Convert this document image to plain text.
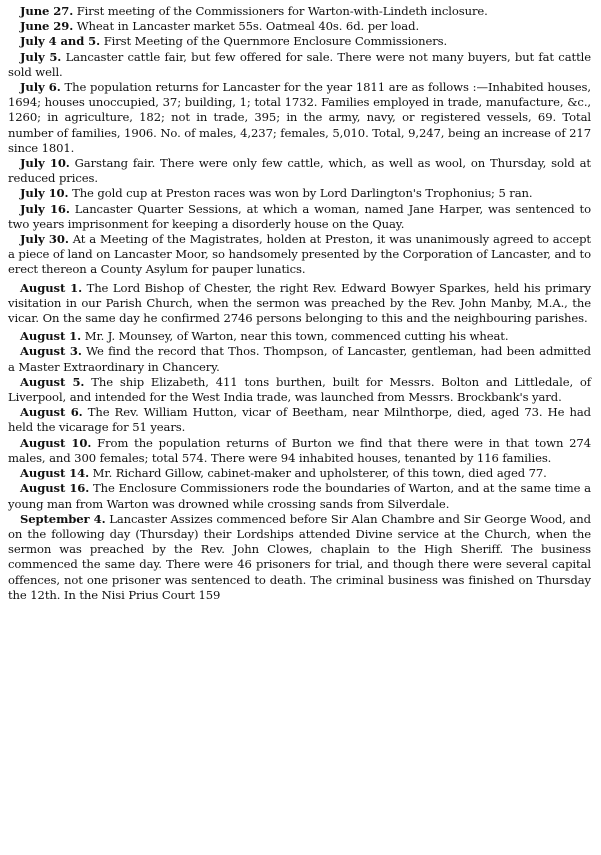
June 27. First meeting of the Commissioners for Warton-with-Lindeth inclosure.

June 29. Wheat in Lancaster market 55s. Oatmeal 40s. 6d. per load.

July 4 and 5. First Meeting of the Quernmore Enclosure Commissioners.

July 5. Lancaster cattle fair, but few offered for sale. There were not many buyers, but fat cattle sold well.

July 6. The population returns for Lancaster for the year 1811 are as follows :—Inhabited houses, 1694; houses unoccupied, 37; building, 1; total 1732. Families employed in trade, manufacture, &c., 1260; in agriculture, 182; not in trade, 395; in the army, navy, or registered vessels, 69. Total number of families, 1906. No. of males, 4,237; females, 5,010. Total, 9,247, being an increase of 217 since 1801.

July 10. Garstang fair. There were only few cattle, which, as well as wool, on Thursday, sold at reduced prices.

July 10. The gold cup at Preston races was won by Lord Darlington's Trophonius; 5 ran.

July 16. Lancaster Quarter Sessions, at which a woman, named Jane Harper, was sentenced to two years imprisonment for keeping a disorderly house on the Quay.

July 30. At a Meeting of the Magistrates, holden at Preston, it was unanimously agreed to accept a piece of land on Lancaster Moor, so handsomely presented by the Corporation of Lancaster, and to erect thereon a County Asylum for pauper lunatics.

August 1. The Lord Bishop of Chester, the right Rev. Edward Bowyer Sparkes, held his primary visitation in our Parish Church, when the sermon was preached by the Rev. John Manby, M.A., the vicar. On the same day he confirmed 2746 persons belonging to this and the neighbouring parishes.

August 1. Mr. J. Mounsey, of Warton, near this town, commenced cutting his wheat.

August 3. We find the record that Thos. Thompson, of Lancaster, gentleman, had been admitted a Master Extraordinary in Chancery.

August 5. The ship Elizabeth, 411 tons burthen, built for Messrs. Bolton and Littledale, of Liverpool, and intended for the West India trade, was launched from Messrs. Brockbank's yard.

August 6. The Rev. William Hutton, vicar of Beetham, near Milnthorpe, died, aged 73. He had held the vicarage for 51 years.

August 10. From the population returns of Burton we find that there were in that town 274 males, and 300 females; total 574. There were 94 inhabited houses, tenanted by 116 families.

August 14. Mr. Richard Gillow, cabinet-maker and upholsterer, of this town, died aged 77.

August 16. The Enclosure Commissioners rode the boundaries of Warton, and at the same time a young man from Warton was drowned while crossing sands from Silverdale.

September 4. Lancaster Assizes commenced before Sir Alan Chambre and Sir George Wood, and on the following day (Thursday) their Lordships attended Divine service at the Church, when the sermon was preached by the Rev. John Clowes, chaplain to the High Sheriff. The business commenced the same day. There were 46 prisoners for trial, and though there were several capital offences, not one prisoner was sentenced to death. The criminal business was finished on Thursday the 12th. In the Nisi Prius Court 159
